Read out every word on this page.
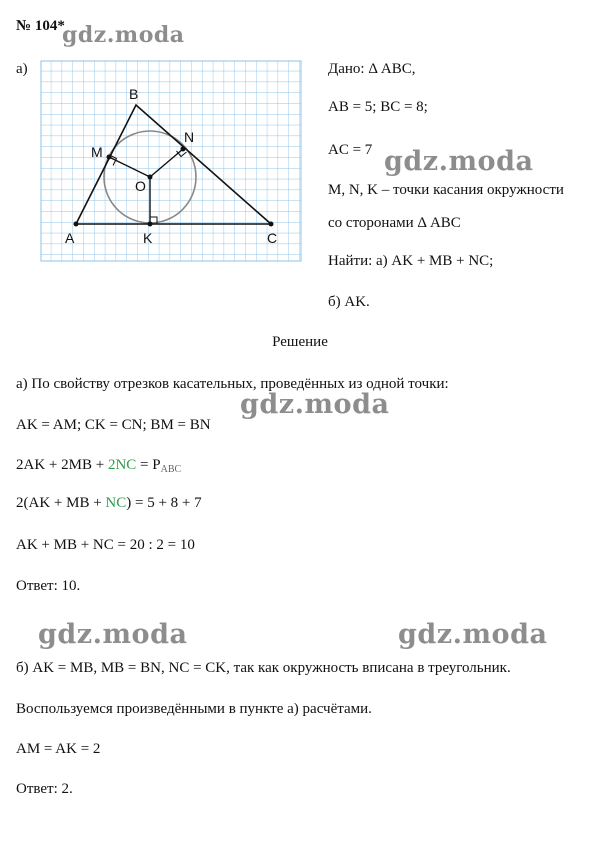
№ 104*
а)
B
A	C
M
N
O
K
Дано: Δ ABC,
AB = 5; BC = 8;
AC = 7
M, N, K – точки касания окружности
со сторонами Δ ABC
Найти: а) AK + MB + NC;
б) AK.
Решение
а) По свойству отрезков касательных, проведённых из одной точки:
AK = AM; CK = CN; BM = BN
$2AK + 2MB + 2NC = P_{ABC}$
2(AK + MB + NC) = 5 + 8 + 7
AK + MB + NC = 20 : 2 = 10
Ответ: 10.
б) AK = MB, MB = BN, NC = CK, так как окружность вписана в треугольник.
Воспользуемся произведёнными в пункте а) расчётами.
AM = AK = 2
Ответ: 2.
gdz.moda
gdz.moda
gdz.moda
gdz.moda	gdz.moda
